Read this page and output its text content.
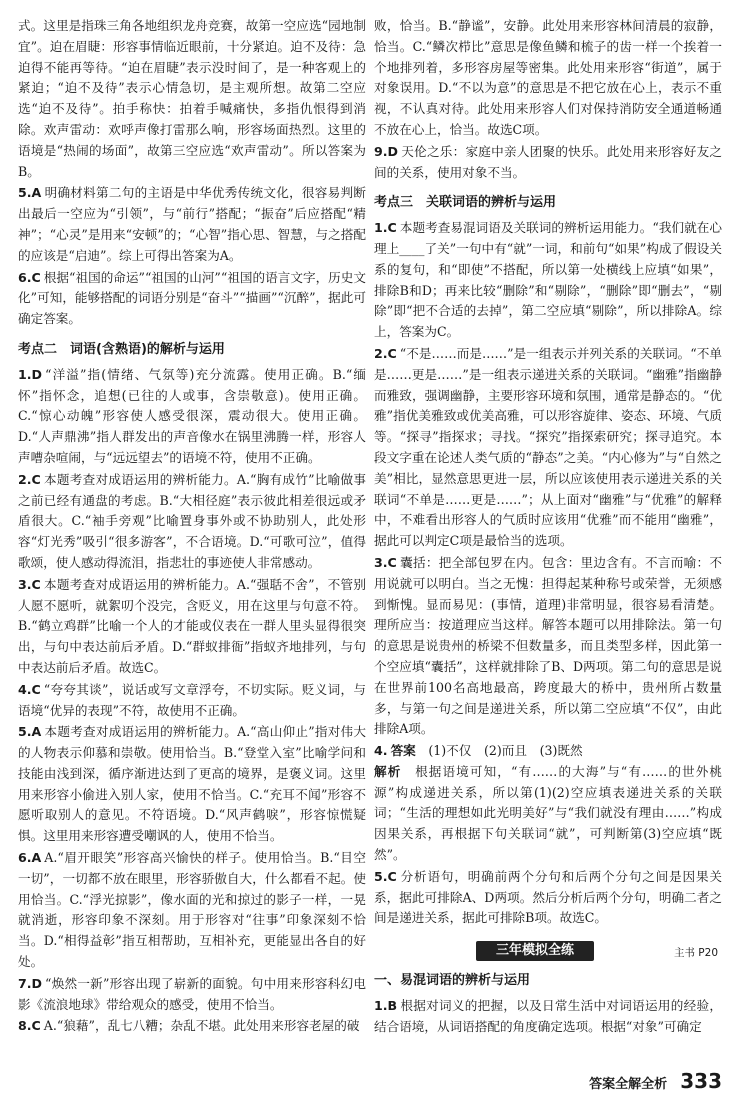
式。这里是指珠三角各地组织龙舟竞赛，故第一空应选“园地制宜”。迫在眉睫：形容事情临近眼前，十分紧迫。迫不及待：急迫得不能再等待。“迫在眉睫”表示没时间了，是一种客观上的紧迫；“迫不及待”表示心情急切，是主观所想。故第二空应选“迫不及待”。拍手称快：拍着手喊痛快，多指仇恨得到消除。欢声雷动：欢呼声像打雷那么响，形容场面热烈。这里的语境是“热闹的场面”，故第三空应选“欢声雷动”。所以答案为B。
5.A 明确材料第二句的主语是中华优秀传统文化，很容易判断出最后一空应为“引领”，与“前行”搭配；“振奋”后应搭配“精神”；“心灵”是用来“安顿”的；“心智”指心思、智慧，与之搭配的应该是“启迪”。综上可得出答案为A。
6.C 根据“祖国的命运”“祖国的山河”“祖国的语言文字，历史文化”可知，能够搭配的词语分别是“奋斗”“描画”“沉醉”，据此可确定答案。
考点二　词语(含熟语)的解析与运用
1.D “洋溢”指(情绪、气氛等)充分流露。使用正确。B.“缅怀”指怀念，追想(已往的人或事，含崇敬意)。使用正确。C.“惊心动魄”形容使人感受很深，震动很大。使用正确。D.“人声鼎沸”指人群发出的声音像水在锅里沸腾一样，形容人声嘈杂喧闹，与“远远望去”的语境不符，使用不正确。
2.C 本题考查对成语运用的辨析能力。A.“胸有成竹”比喻做事之前已经有通盘的考虑。B.“大相径庭”表示彼此相差很远或矛盾很大。C.“袖手旁观”比喻置身事外或不协助别人，此处形容“灯光秀”吸引“很多游客”，不合语境。D.“可歌可泣”，值得歌颂，使人感动得流泪，指悲壮的事迹使人非常感动。
3.C 本题考查对成语运用的辨析能力。A.“强聒不舍”，不管别人愿不愿听，就絮叨个没完，含贬义，用在这里与句意不符。B.“鹤立鸡群”比喻一个人的才能或仪表在一群人里头显得很突出，与句中表达前后矛盾。D.“群蚁排衙”指蚁齐地排列，与句中表达前后矛盾。故选C。
4.C “夸夸其谈”，说话或写文章浮夸，不切实际。贬义词，与语境“优异的表现”不符，故使用不正确。
5.A 本题考查对成语运用的辨析能力。A.“高山仰止”指对伟大的人物表示仰慕和崇敬。使用恰当。B.“登堂入室”比喻学问和技能由浅到深，循序渐进达到了更高的境界，是褒义词。这里用来形容小偷进入别人家，使用不恰当。C.“充耳不闻”形容不愿听取别人的意见。不符语境。D.“风声鹤唳”，形容惊慌疑惧。这里用来形容遭受嘲讽的人，使用不恰当。
6.A A.“眉开眼笑”形容高兴愉快的样子。使用恰当。B.“目空一切”，一切都不放在眼里，形容骄傲自大，什么都看不起。使用恰当。C.“浮光掠影”，像水面的光和掠过的影子一样，一晃就消逝，形容印象不深刻。用于形容对“往事”印象深刻不恰当。D.“相得益彰”指互相帮助，互相补充，更能显出各自的好处。
7.D “焕然一新”形容出现了崭新的面貌。句中用来形容科幻电影《流浪地球》带给观众的感受，使用不恰当。
8.C A.“狼藉”，乱七八糟；杂乱不堪。此处用来形容老屋的破
败，恰当。B.“静谧”，安静。此处用来形容林间清晨的寂静，恰当。C.“鳞次栉比”意思是像鱼鳞和梳子的齿一样一个挨着一个地排列着，多形容房屋等密集。此处用来形容“街道”，属于对象误用。D.“不以为意”的意思是不把它放在心上，表示不重视，不认真对待。此处用来形容人们对保持消防安全通道畅通不放在心上，恰当。故选C项。
9.D 天伦之乐：家庭中亲人团聚的快乐。此处用来形容好友之间的关系，使用对象不当。
考点三　关联词语的辨析与运用
1.C 本题考查易混词语及关联词的辨析运用能力。“我们就在心理上____了关”一句中有“就”一词，和前句“如果”构成了假设关系的复句，和“即使”不搭配，所以第一处横线上应填“如果”，排除B和D；再来比较“删除”和“剔除”，“删除”即“删去”，“剔除”即“把不合适的去掉”，第二空应填“剔除”，所以排除A。综上，答案为C。
2.C “不是……而是……”是一组表示并列关系的关联词。“不单是……更是……”是一组表示递进关系的关联词。“幽雅”指幽静而雅致，强调幽静，主要形容环境和氛围，通常是静态的。“优雅”指优美雅致或优美高雅，可以形容旋律、姿态、环境、气质等。“探寻”指探求；寻找。“探究”指探索研究；探寻追究。本段文字重在论述人类气质的“静态”之美。“内心修为”与“自然之美”相比，显然意思更进一层，所以应该使用表示递进关系的关联词“不单是……更是……”；从上面对“幽雅”与“优雅”的解释中，不难看出形容人的气质时应该用“优雅”而不能用“幽雅”，据此可以判定C项是最恰当的选项。
3.C 囊括：把全部包罗在内。包含：里边含有。不言而喻：不用说就可以明白。当之无愧：担得起某种称号或荣誉，无须感到惭愧。显而易见：(事情，道理)非常明显，很容易看清楚。理所应当：按道理应当这样。解答本题可以用排除法。第一句的意思是说贵州的桥梁不但数量多，而且类型多样，因此第一个空应填“囊括”，这样就排除了B、D两项。第二句的意思是说在世界前100名高地最高，跨度最大的桥中，贵州所占数量多，与第一句之间是递进关系，所以第二空应填“不仅”，由此排除A项。
4. 答案　 (1)不仅　(2)而且　(3)既然
解析　 根据语境可知，“有……的大海”与“有……的世外桃源”构成递进关系，所以第(1)(2)空应填表递进关系的关联词；“生活的理想如此光明美好”与“我们就没有理由……”构成因果关系，再根据下句关联词“就”，可判断第(3)空应填“既然”。
5.C 分析语句，明确前两个分句和后两个分句之间是因果关系，据此可排除A、D两项。然后分析后两个分句，明确二者之间是递进关系，据此可排除B项。故选C。
三年模拟全练	主书 P20
一、易混词语的辨析与运用
1.B 根据对词义的把握，以及日常生活中对词语运用的经验，结合语境，从词语搭配的角度确定选项。根据“对象”可确定
答案全解全析 333
